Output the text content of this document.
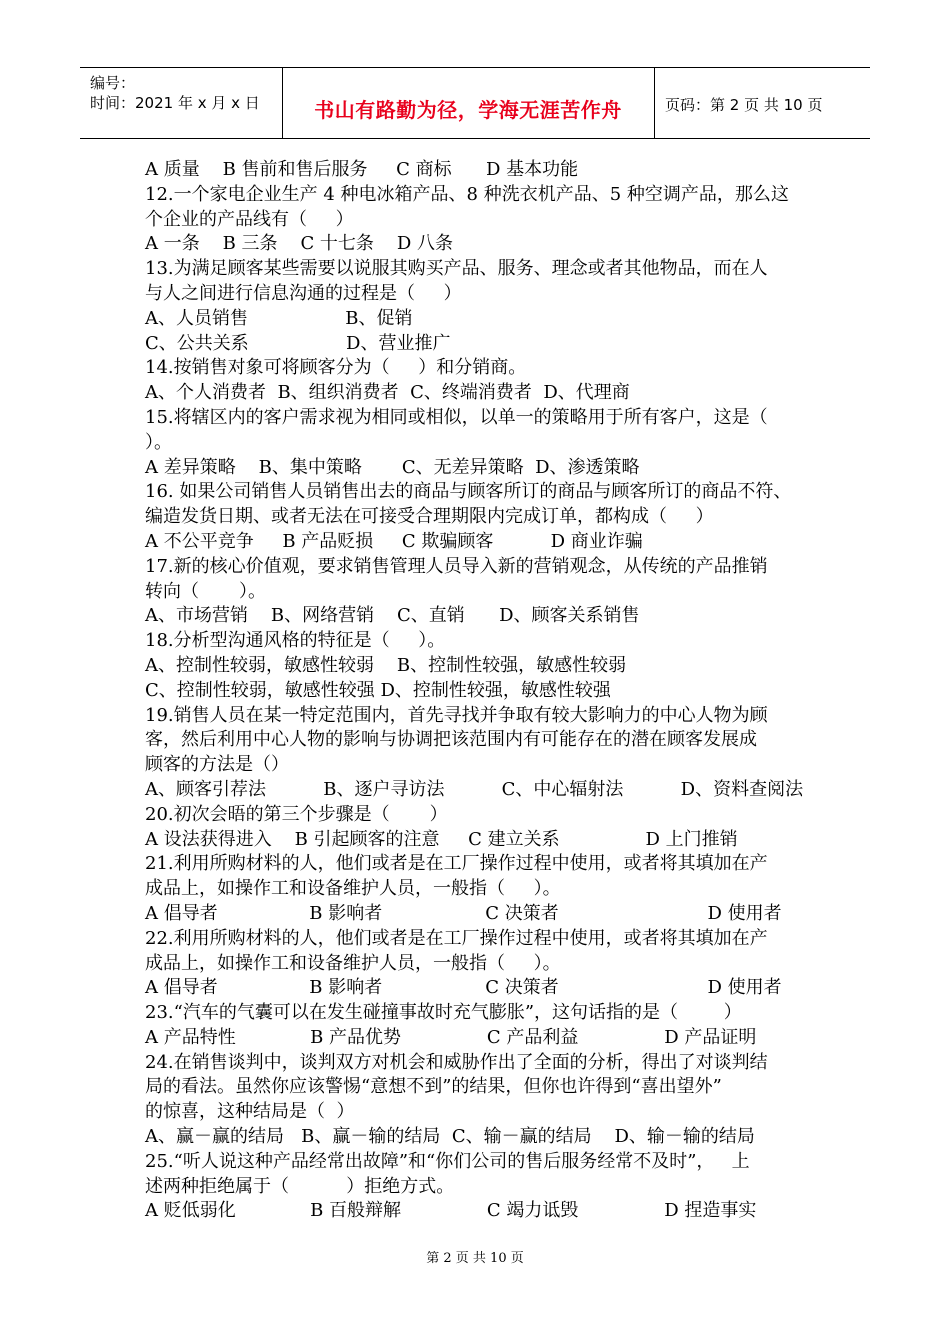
编号：
时间：2021 年 x 月 x 日	书山有路勤为径，学海无涯苦作舟	页码：第 2 页 共 10 页
A 质量    B 售前和售后服务     C 商标      D 基本功能
12.一个家电企业生产 4 种电冰箱产品、8 种洗衣机产品、5 种空调产品，那么这
个企业的产品线有（     ）
A 一条    B 三条    C 十七条    D 八条
13.为满足顾客某些需要以说服其购买产品、服务、理念或者其他物品，而在人
与人之间进行信息沟通的过程是（     ）
A、人员销售                 B、促销
C、公共关系                 D、营业推广
14.按销售对象可将顾客分为（     ）和分销商。
A、个人消费者  B、组织消费者  C、终端消费者  D、代理商
15.将辖区内的客户需求视为相同或相似，以单一的策略用于所有客户，这是（
）。
A 差异策略    B、集中策略       C、无差异策略  D、渗透策略
16. 如果公司销售人员销售出去的商品与顾客所订的商品与顾客所订的商品不符、
编造发货日期、或者无法在可接受合理期限内完成订单，都构成（     ）
A 不公平竞争     B 产品贬损     C 欺骗顾客          D 商业诈骗
17.新的核心价值观，要求销售管理人员导入新的营销观念，从传统的产品推销
转向（       ）。
A、市场营销    B、网络营销    C、直销      D、顾客关系销售
18.分析型沟通风格的特征是（     ）。
A、控制性较弱，敏感性较弱    B、控制性较强，敏感性较弱
C、控制性较弱，敏感性较强 D、控制性较强，敏感性较强
19.销售人员在某一特定范围内，首先寻找并争取有较大影响力的中心人物为顾
客，然后利用中心人物的影响与协调把该范围内有可能存在的潜在顾客发展成
顾客的方法是（）
A、顾客引荐法          B、逐户寻访法          C、中心辐射法          D、资料查阅法
20.初次会晤的第三个步骤是（       ）
A 设法获得进入    B 引起顾客的注意     C 建立关系               D 上门推销
21.利用所购材料的人，他们或者是在工厂操作过程中使用，或者将其填加在产
成品上，如操作工和设备维护人员，一般指（     ）。
A 倡导者                B 影响者                  C 决策者                          D 使用者
22.利用所购材料的人，他们或者是在工厂操作过程中使用，或者将其填加在产
成品上，如操作工和设备维护人员，一般指（     ）。
A 倡导者                B 影响者                  C 决策者                          D 使用者
23.“汽车的气囊可以在发生碰撞事故时充气膨胀”，这句话指的是（        ）
A 产品特性             B 产品优势               C 产品利益               D 产品证明
24.在销售谈判中，谈判双方对机会和威胁作出了全面的分析，得出了对谈判结
局的看法。虽然你应该警惕“意想不到”的结果，但你也许得到“喜出望外”
的惊喜，这种结局是（  ）
A、赢－赢的结局   B、赢－输的结局  C、输－赢的结局    D、输－输的结局
25.“听人说这种产品经常出故障”和“你们公司的售后服务经常不及时”，   上
述两种拒绝属于（          ）拒绝方式。
A 贬低弱化             B 百般辩解               C 竭力诋毁               D 捏造事实
第 2 页 共 10 页
